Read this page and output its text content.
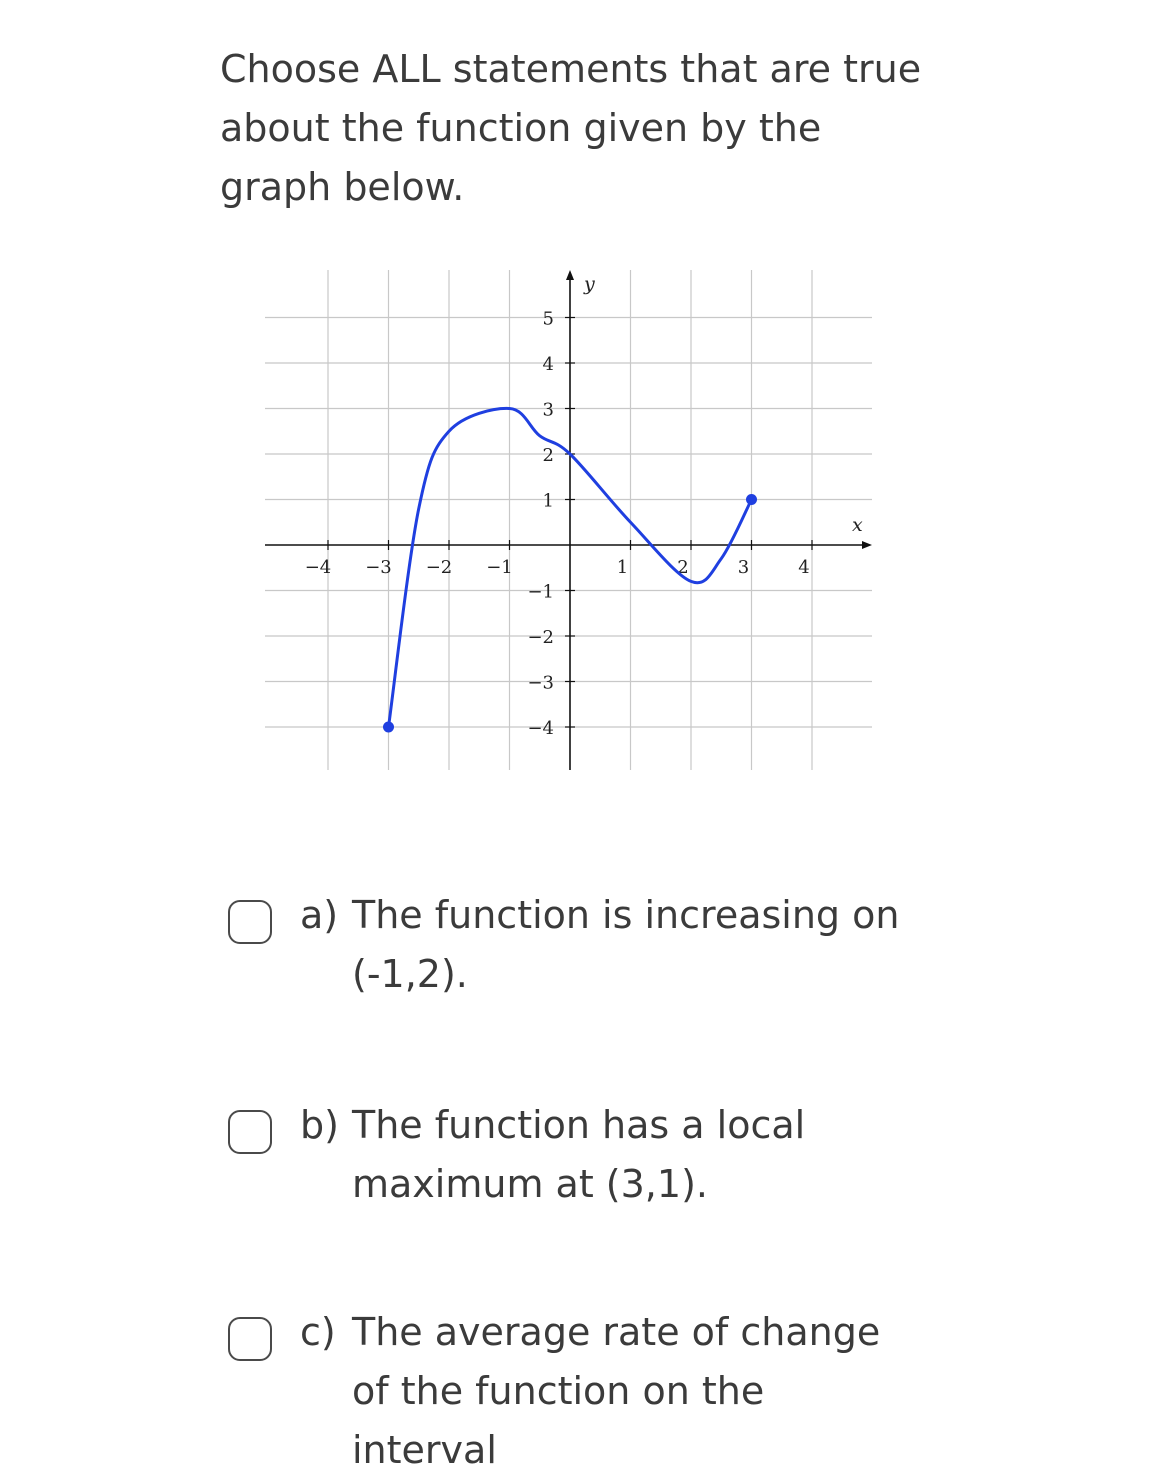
Choose ALL statements that are true about the function given by the graph below.
−4 −3 −2 −1	1	2	3	4
5
4
3
2
1
−1
−2
−3
−4
x
y
a) The function is increasing on (-1,2).
b) The function has a local maximum at (3,1).
c) The average rate of change of the function on the interval
